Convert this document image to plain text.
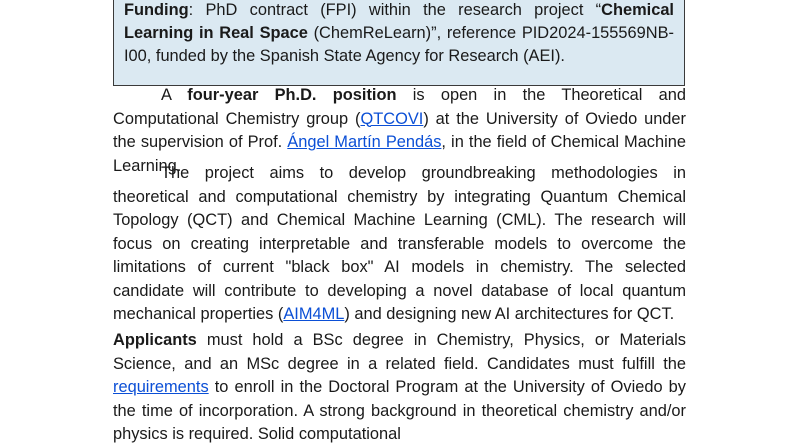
Funding: PhD contract (FPI) within the research project “Chemical Learning in Real Space (ChemReLearn)”, reference PID2024-155569NB-I00, funded by the Spanish State Agency for Research (AEI).

A four-year Ph.D. position is open in the Theoretical and Computational Chemistry group (QTCOVI) at the University of Oviedo under the supervision of Prof. Ángel Martín Pendás, in the field of Chemical Machine Learning.

The project aims to develop groundbreaking methodologies in theoretical and computational chemistry by integrating Quantum Chemical Topology (QCT) and Chemical Machine Learning (CML). The research will focus on creating interpretable and transferable models to overcome the limitations of current "black box" AI models in chemistry. The selected candidate will contribute to developing a novel database of local quantum mechanical properties (AIM4ML) and designing new AI architectures for QCT.

Applicants must hold a BSc degree in Chemistry, Physics, or Materials Science, and an MSc degree in a related field. Candidates must fulfill the requirements to enroll in the Doctoral Program at the University of Oviedo by the time of incorporation. A strong background in theoretical chemistry and/or physics is required. Solid computational
